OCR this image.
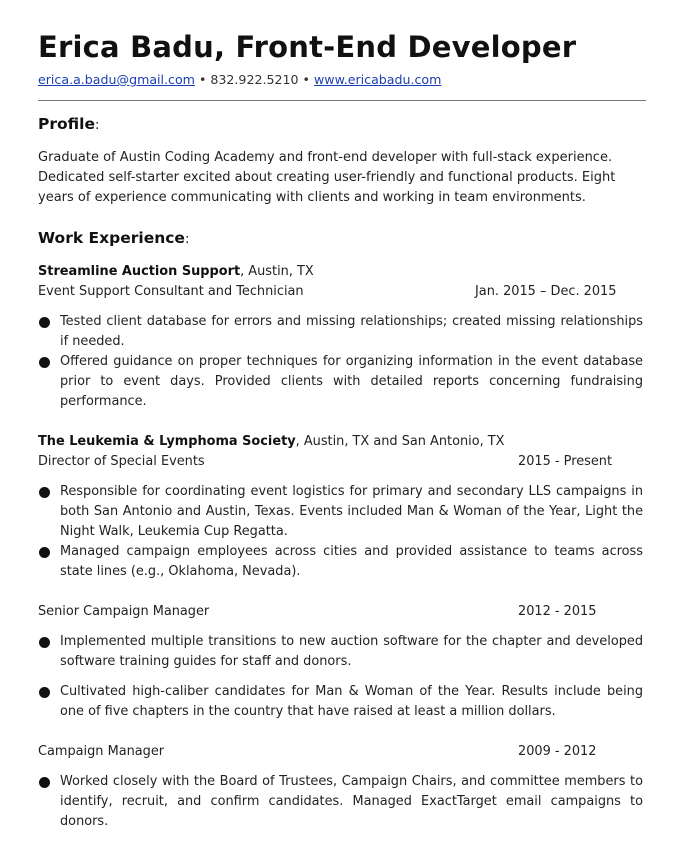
Erica Badu, Front-End Developer
erica.a.badu@gmail.com • 832.922.5210 • www.ericabadu.com
Profile:
Graduate of Austin Coding Academy and front-end developer with full-stack experience. Dedicated self-starter excited about creating user-friendly and functional products. Eight years of experience communicating with clients and working in team environments.
Work Experience:
Streamline Auction Support, Austin, TX
Event Support Consultant and Technician	Jan. 2015 – Dec. 2015
Tested client database for errors and missing relationships; created missing relationships if needed.
Offered guidance on proper techniques for organizing information in the event database prior to event days. Provided clients with detailed reports concerning fundraising performance.
The Leukemia & Lymphoma Society, Austin, TX and San Antonio, TX
Director of Special Events	2015 - Present
Responsible for coordinating event logistics for primary and secondary LLS campaigns in both San Antonio and Austin, Texas. Events included Man & Woman of the Year, Light the Night Walk, Leukemia Cup Regatta.
Managed campaign employees across cities and provided assistance to teams across state lines (e.g., Oklahoma, Nevada).
Senior Campaign Manager	2012 - 2015
Implemented multiple transitions to new auction software for the chapter and developed software training guides for staff and donors.
Cultivated high-caliber candidates for Man & Woman of the Year. Results include being one of five chapters in the country that have raised at least a million dollars.
Campaign Manager	2009 - 2012
Worked closely with the Board of Trustees, Campaign Chairs, and committee members to identify, recruit, and confirm candidates. Managed ExactTarget email campaigns to donors.
